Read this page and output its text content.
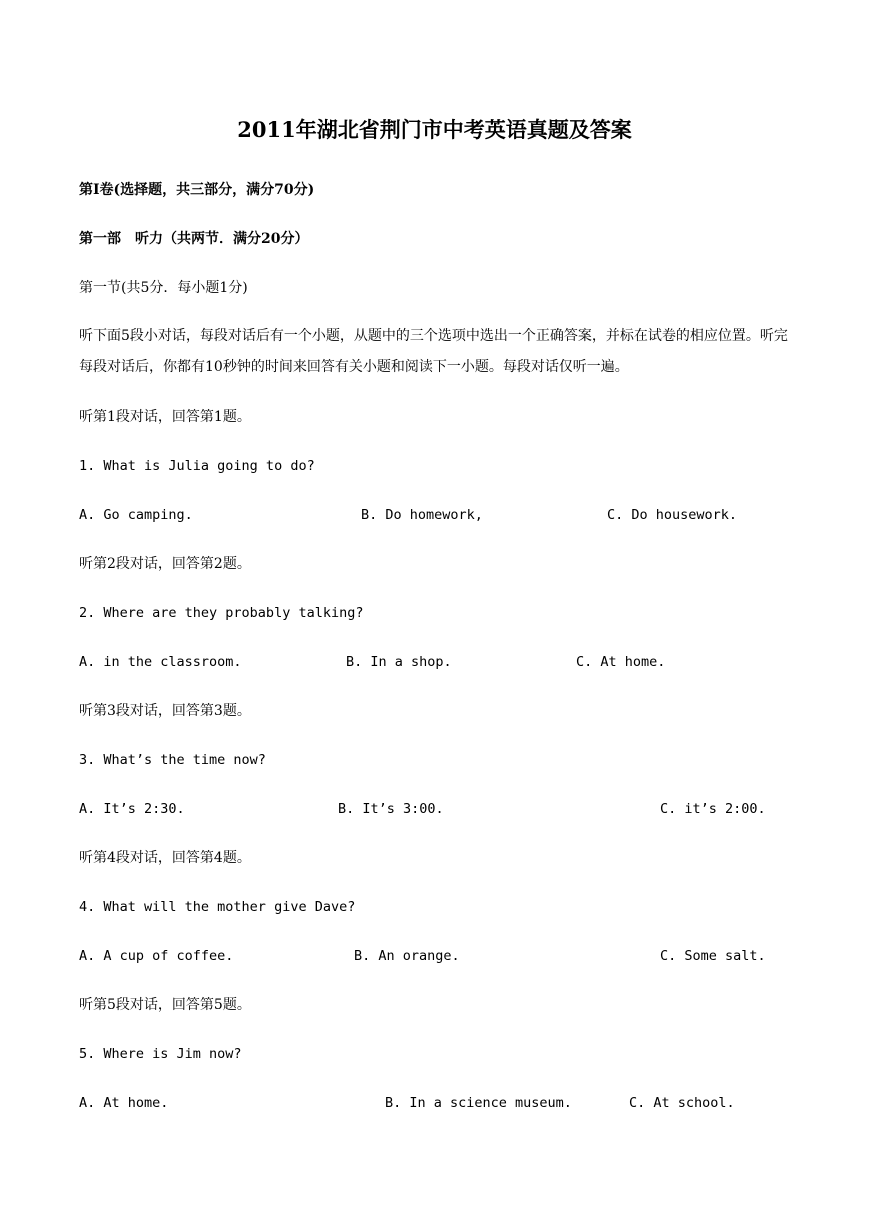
2011年湖北省荆门市中考英语真题及答案
第Ⅰ卷(选择题，共三部分，满分70分)
第一部　听力（共两节．满分20分）
第一节(共5分．每小题1分)
听下面5段小对话，每段对话后有一个小题，从题中的三个选项中选出一个正确答案，并标在试卷的相应位置。听完每段对话后，你都有10秒钟的时间来回答有关小题和阅读下一小题。每段对话仅听一遍。
听第1段对话，回答第1题。
1. What is Julia going to do?
A. Go camping.	B. Do homework,	C. Do housework.
听第2段对话，回答第2题。
2. Where are they probably talking?
A. in the classroom.	B. In a shop.	C. At home.
听第3段对话，回答第3题。
3. What’s the time now?
A. It’s 2:30.	B. It’s 3:00.	C. it’s 2:00.
听第4段对话，回答第4题。
4. What will the mother give Dave?
A. A cup of coffee.	B. An orange.	C. Some salt.
听第5段对话，回答第5题。
5. Where is Jim now?
A. At home.	B. In a science museum.	C. At school.
